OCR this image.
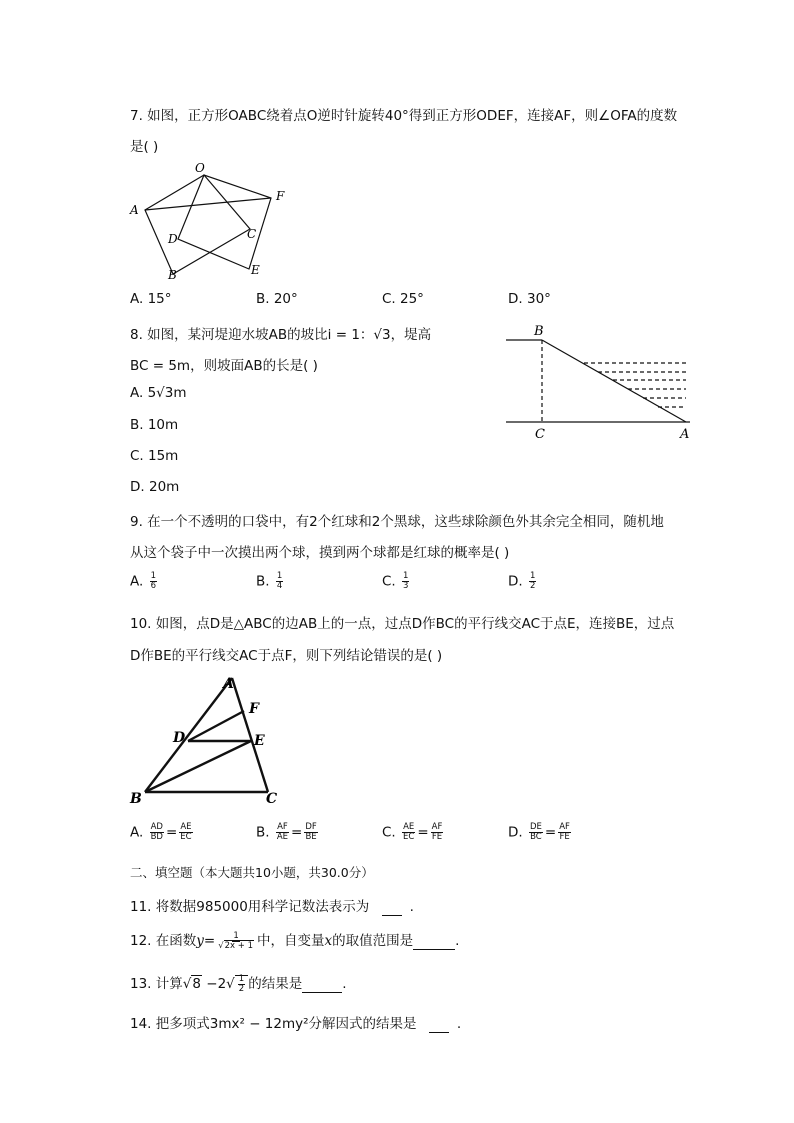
7. 如图，正方形OABC绕着点O逆时针旋转40°得到正方形ODEF，连接AF，则∠OFA的度数
是( )
O
A
F
D	C
B	E
A. 15°	B. 20°	C. 25°	D. 30°
8. 如图，某河堤迎水坡AB的坡比i = 1：√3，堤高
BC = 5m，则坡面AB的长是( )
A. 5√3m
B. 10m
C. 15m
D. 20m
B
C	A
9. 在一个不透明的口袋中，有2个红球和2个黑球，这些球除颜色外其余完全相同，随机地
从这个袋子中一次摸出两个球，摸到两个球都是红球的概率是( )
A. $\frac{1}{6}$	B. $\frac{1}{4}$	C. $\frac{1}{3}$	D. $\frac{1}{2}$
10. 如图，点D是△ABC的边AB上的一点，过点D作BC的平行线交AC于点E，连接BE，过点
D作BE的平行线交AC于点F，则下列结论错误的是( )
A
F
D	E
B	C
A. $\frac{AD}{BD} = \frac{AE}{EC}$	B. $\frac{AF}{AE} = \frac{DF}{BE}$	C. $\frac{AE}{EC} = \frac{AF}{FE}$	D. $\frac{DE}{BC} = \frac{AF}{FE}$
二、填空题（本大题共10小题，共30.0分）
11. 将数据985000用科学记数法表示为	.
12. 在函数$y= \frac{1}{√2x + 1}$ 中，自变量x的取值范围是	.
13. 计算$√8 -2√ \frac{1}{2}$ 的结果是	.
14. 把多项式3mx² − 12my²分解因式的结果是	.
